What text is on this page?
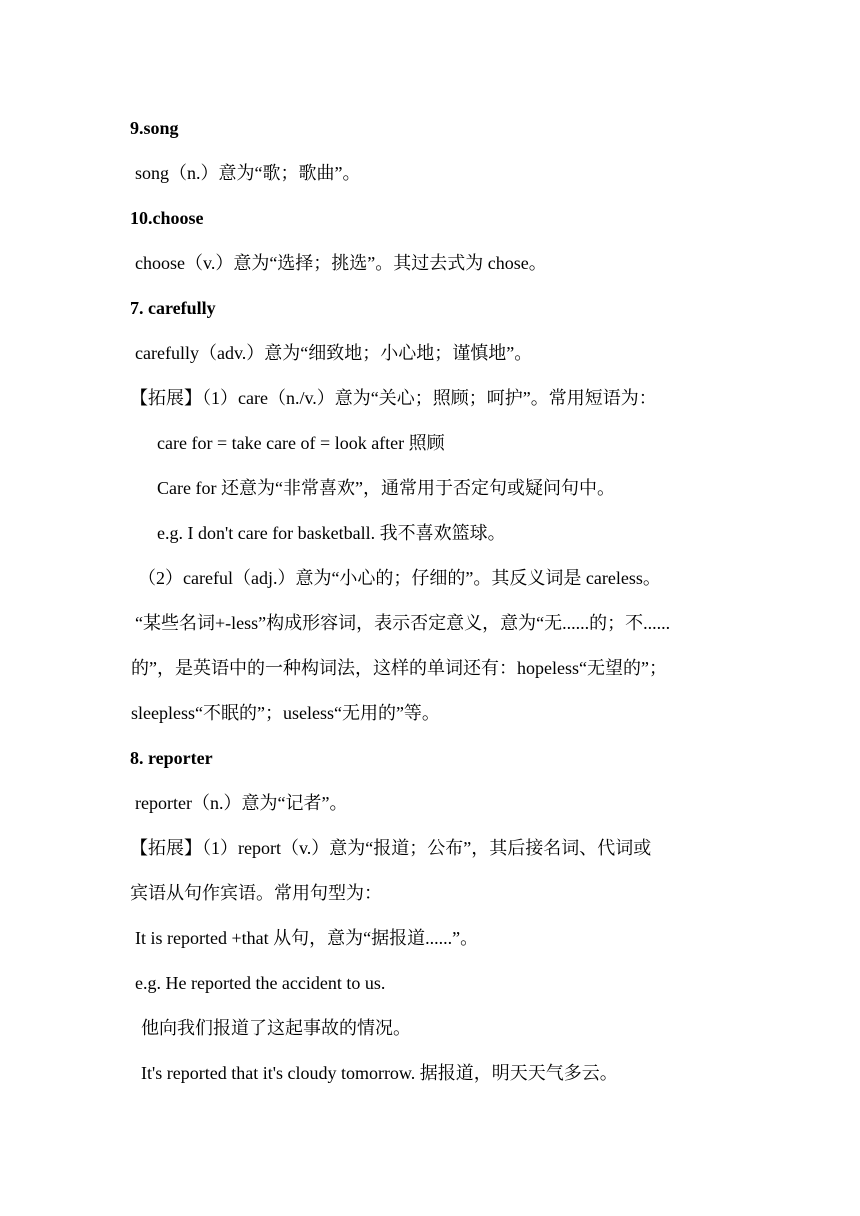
9.song
song（n.）意为“歌；歌曲”。
10.choose
choose（v.）意为“选择；挑选”。其过去式为 chose。
7. carefully
carefully（adv.）意为“细致地；小心地；谨慎地”。
【拓展】（1）care（n./v.）意为“关心；照顾；呵护”。常用短语为：
care for = take care of = look after 照顾
Care for 还意为“非常喜欢”，通常用于否定句或疑问句中。
e.g. I don't care for basketball. 我不喜欢篮球。
（2）careful（adj.）意为“小心的；仔细的”。其反义词是 careless。
“某些名词+-less”构成形容词，表示否定意义，意为“无......的；不......
的”，是英语中的一种构词法，这样的单词还有：hopeless“无望的”；
sleepless“不眠的”；useless“无用的”等。
8. reporter
reporter（n.）意为“记者”。
【拓展】（1）report（v.）意为“报道；公布”，其后接名词、代词或
宾语从句作宾语。常用句型为：
It is reported +that 从句，意为“据报道......”。
e.g. He reported the accident to us.
他向我们报道了这起事故的情况。
It's reported that it's cloudy tomorrow. 据报道，明天天气多云。
